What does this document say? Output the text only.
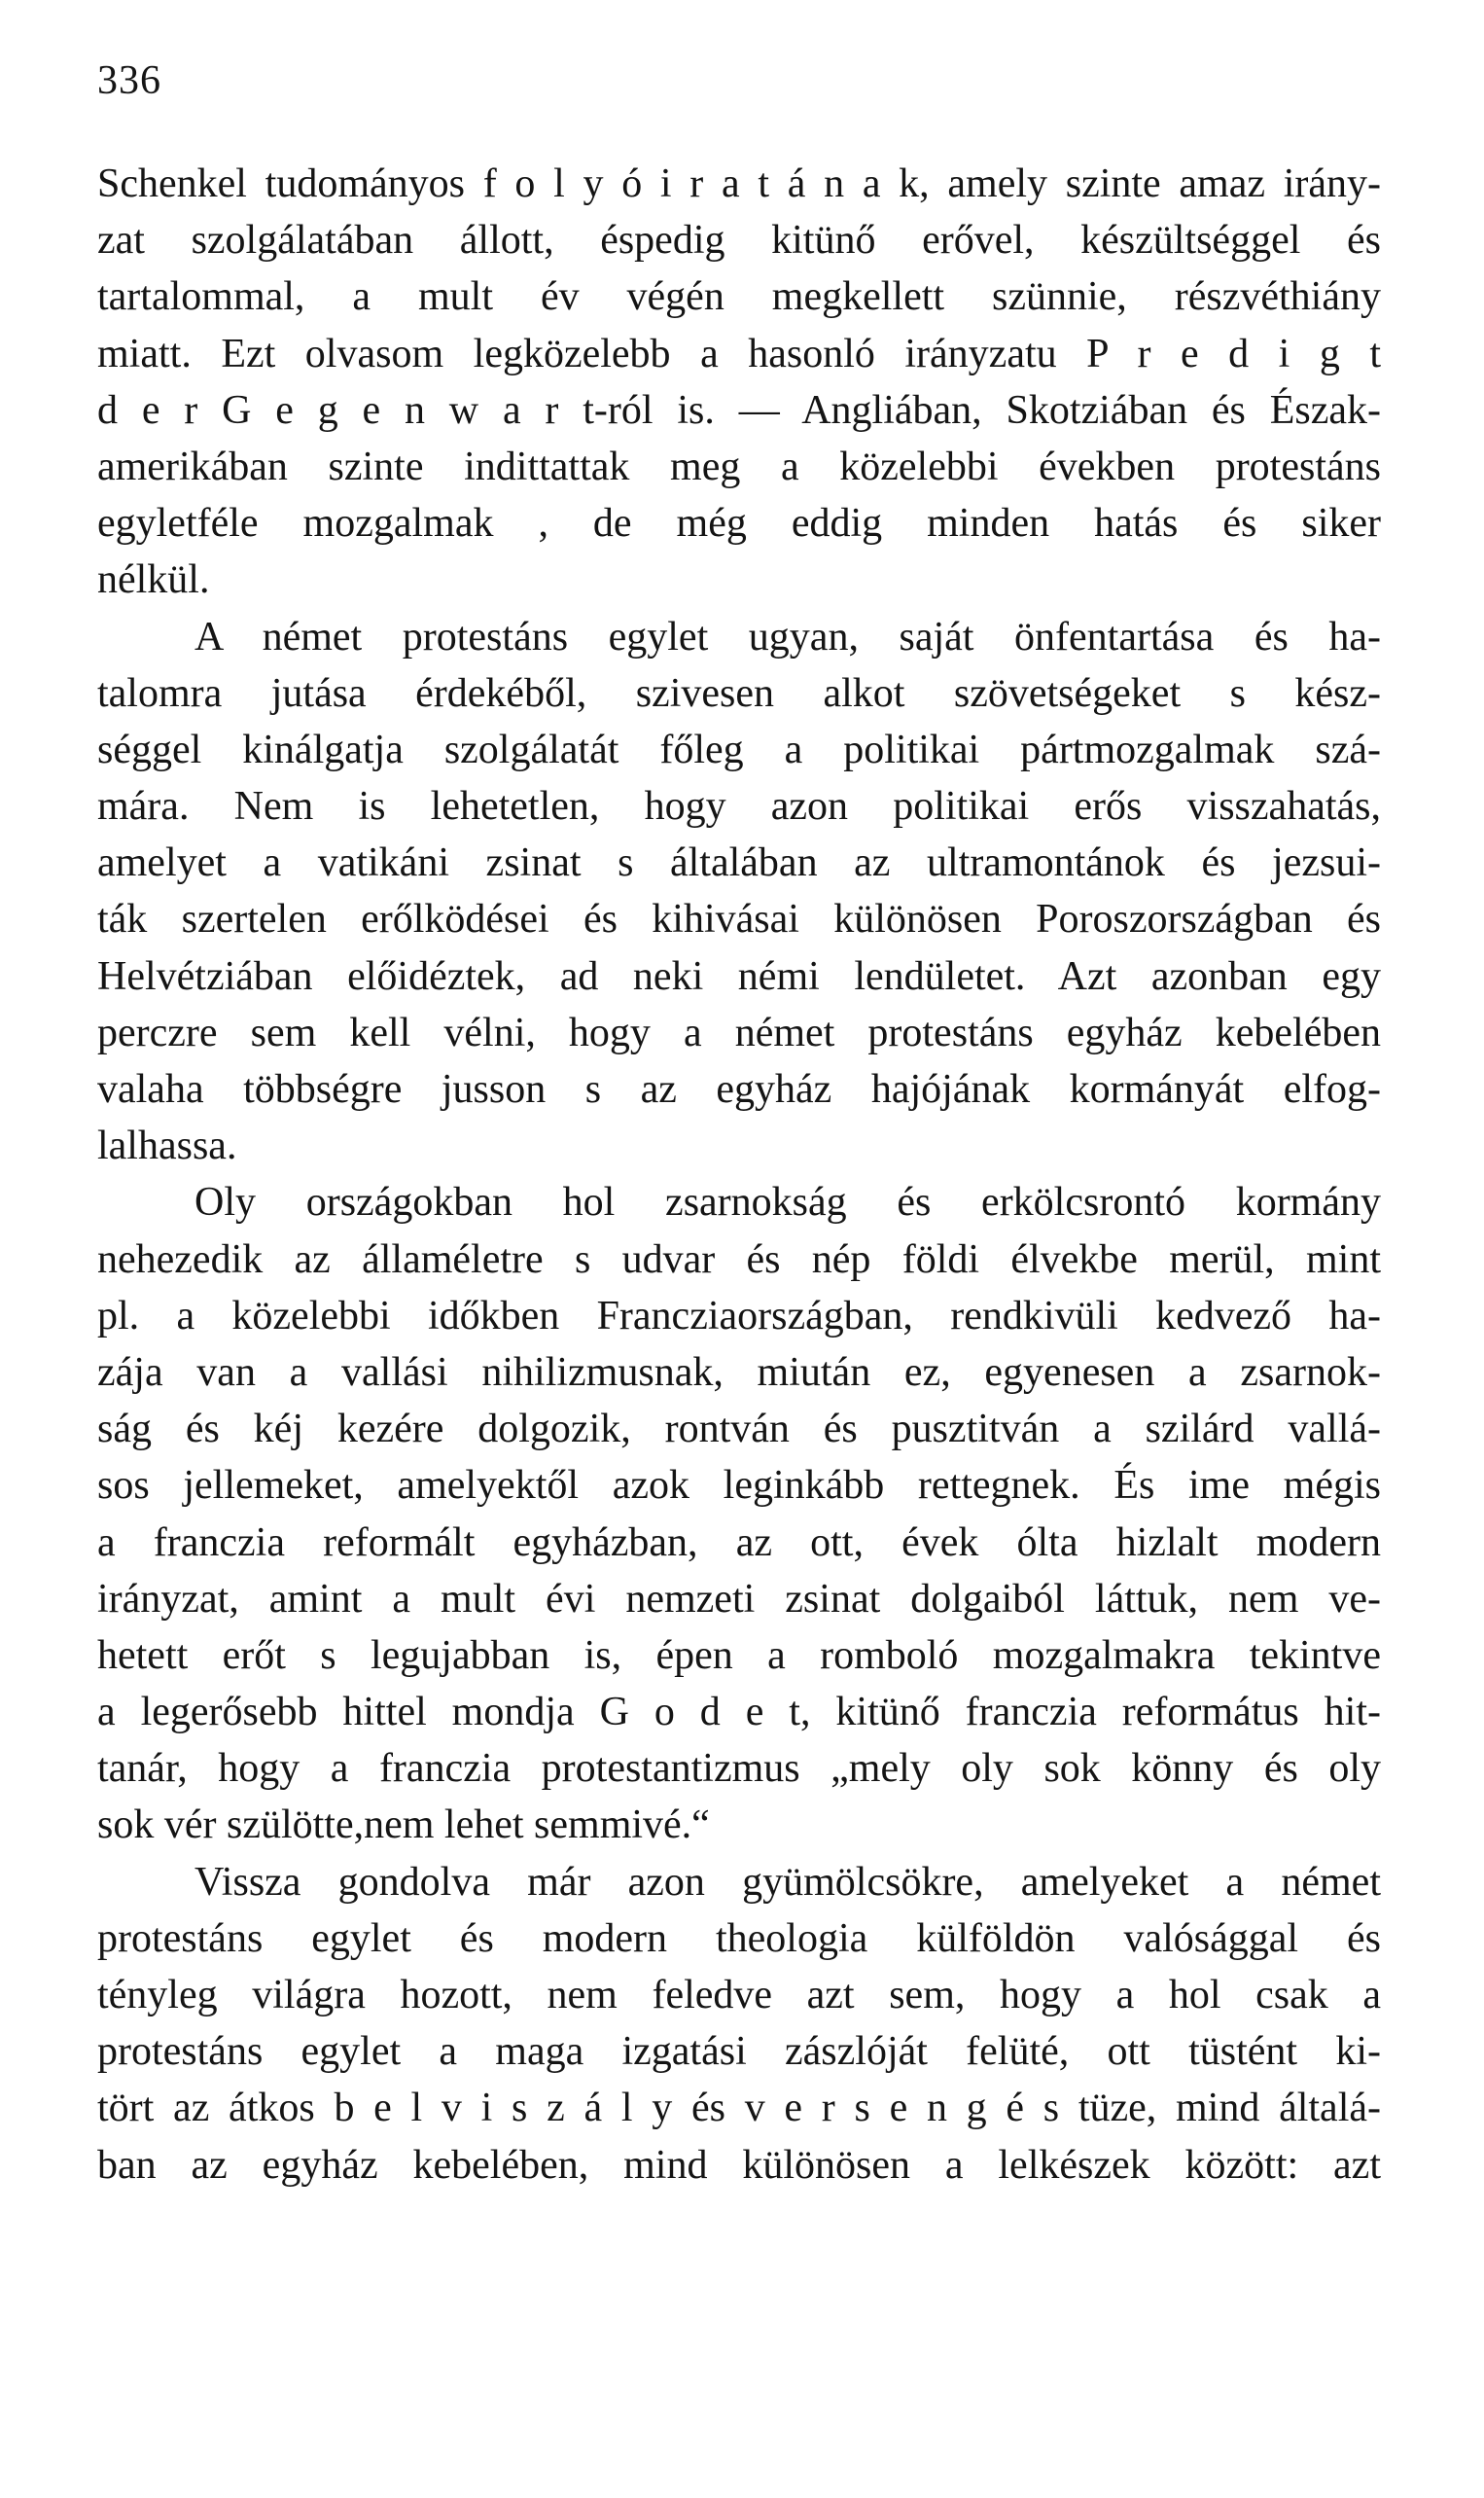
336
Schenkel tudományos f o l y ó i r a t á n a k, amely szinte amaz irány-
zat szolgálatában állott, éspedig kitünő erővel, készültséggel és
tartalommal, a mult év végén megkellett szünnie, részvéthiány
miatt. Ezt olvasom legközelebb a hasonló irányzatu P r e d i g t
d e r G e g e n w a r t-ról is. — Angliában, Skotziában és Észak-
amerikában szinte indittattak meg a közelebbi években protestáns
egyletféle mozgalmak , de még eddig minden hatás és siker
nélkül.
A német protestáns egylet ugyan, saját önfentartása és ha-
talomra jutása érdekéből, szivesen alkot szövetségeket s kész-
séggel kinálgatja szolgálatát főleg a politikai pártmozgalmak szá-
mára. Nem is lehetetlen, hogy azon politikai erős visszahatás,
amelyet a vatikáni zsinat s általában az ultramontánok és jezsui-
ták szertelen erőlködései és kihivásai különösen Poroszországban és
Helvétziában előidéztek, ad neki némi lendületet. Azt azonban egy
perczre sem kell vélni, hogy a német protestáns egyház kebelében
valaha többségre jusson s az egyház hajójának kormányát elfog-
lalhassa.
Oly országokban hol zsarnokság és erkölcsrontó kormány
nehezedik az államéletre s udvar és nép földi élvekbe merül, mint
pl. a közelebbi időkben Francziaországban, rendkivüli kedvező ha-
zája van a vallási nihilizmusnak, miután ez, egyenesen a zsarnok-
ság és kéj kezére dolgozik, rontván és pusztitván a szilárd vallá-
sos jellemeket, amelyektől azok leginkább rettegnek. És ime mégis
a franczia reformált egyházban, az ott, évek ólta hizlalt modern
irányzat, amint a mult évi nemzeti zsinat dolgaiból láttuk, nem ve-
hetett erőt s legujabban is, épen a romboló mozgalmakra tekintve
a legerősebb hittel mondja G o d e t, kitünő franczia református hit-
tanár, hogy a franczia protestantizmus „mely oly sok könny és oly
sok vér szülötte,nem lehet semmivé.“
Vissza gondolva már azon gyümölcsökre, amelyeket a német
protestáns egylet és modern theologia külföldön valósággal és
tényleg világra hozott, nem feledve azt sem, hogy a hol csak a
protestáns egylet a maga izgatási zászlóját felüté, ott tüstént ki-
tört az átkos b e l v i s z á l y és v e r s e n g é s tüze, mind általá-
ban az egyház kebelében, mind különösen a lelkészek között: azt
